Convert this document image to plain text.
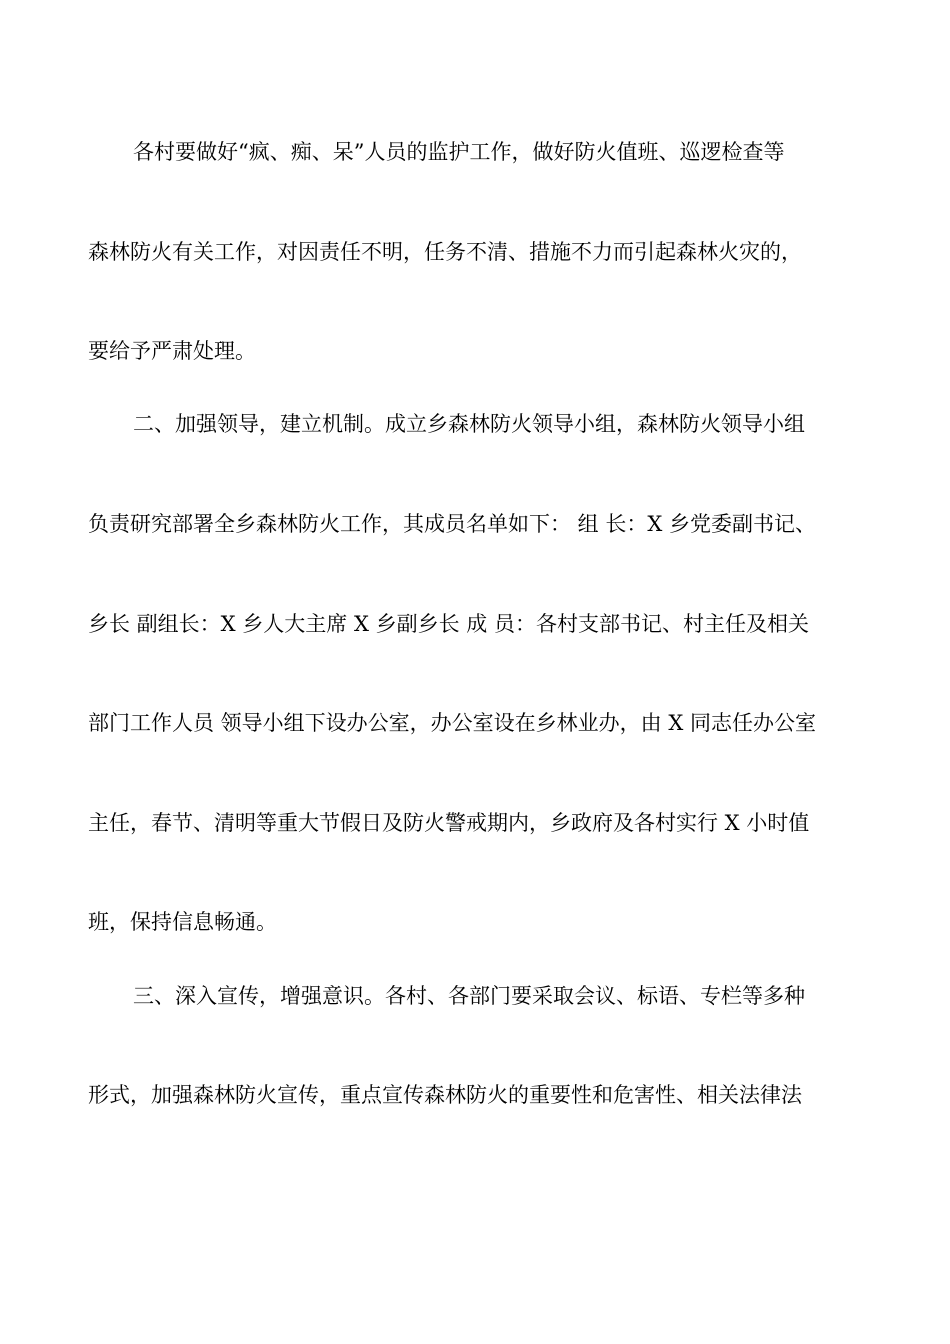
各村要做好“疯、痴、呆”人员的监护工作，做好防火值班、巡逻检查等
森林防火有关工作，对因责任不明，任务不清、措施不力而引起森林火灾的，
要给予严肃处理。
二、加强领导，建立机制。成立乡森林防火领导小组，森林防火领导小组
负责研究部署全乡森林防火工作，其成员名单如下： 组 长：X 乡党委副书记、
乡长 副组长：X 乡人大主席 X 乡副乡长 成 员：各村支部书记、村主任及相关
部门工作人员 领导小组下设办公室，办公室设在乡林业办，由 X 同志任办公室
主任，春节、清明等重大节假日及防火警戒期内，乡政府及各村实行 X 小时值
班，保持信息畅通。
三、深入宣传，增强意识。各村、各部门要采取会议、标语、专栏等多种
形式，加强森林防火宣传，重点宣传森林防火的重要性和危害性、相关法律法
